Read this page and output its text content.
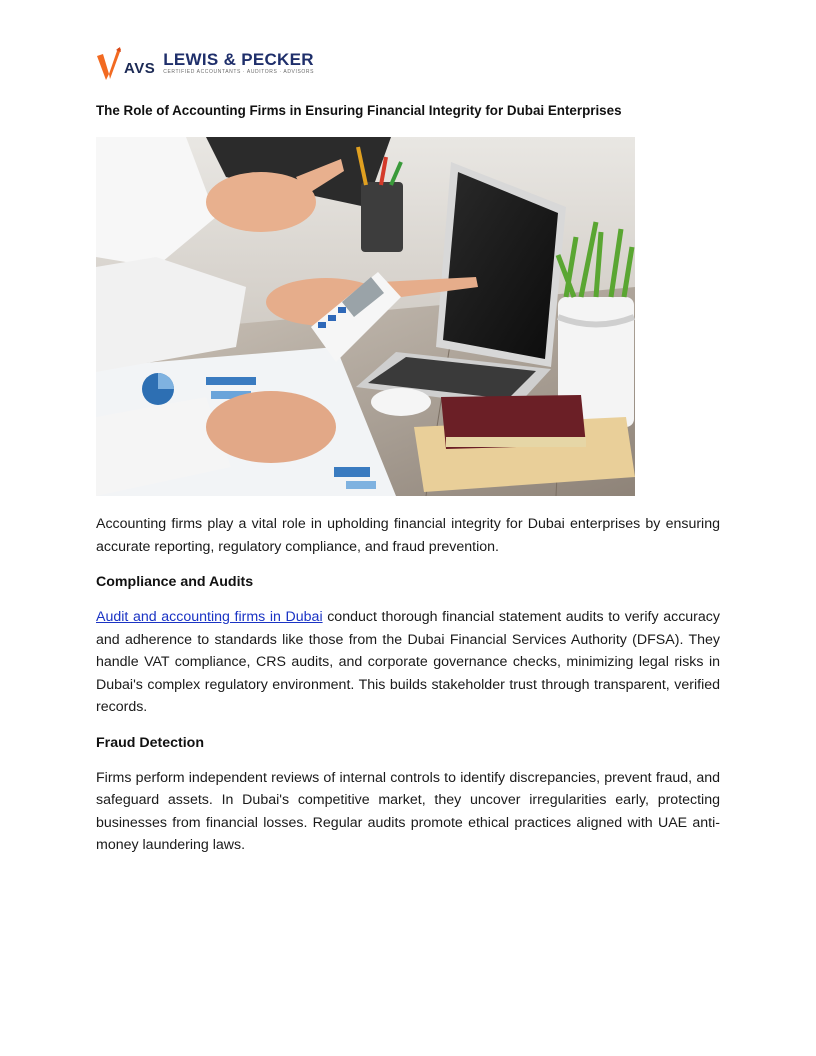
AVS LEWIS & PECKER
CERTIFIED ACCOUNTANTS · AUDITORS · ADVISORS
The Role of Accounting Firms in Ensuring Financial Integrity for Dubai Enterprises

Accounting firms play a vital role in upholding financial integrity for Dubai enterprises by ensuring accurate reporting, regulatory compliance, and fraud prevention.

Compliance and Audits

Audit and accounting firms in Dubai conduct thorough financial statement audits to verify accuracy and adherence to standards like those from the Dubai Financial Services Authority (DFSA). They handle VAT compliance, CRS audits, and corporate governance checks, minimizing legal risks in Dubai's complex regulatory environment. This builds stakeholder trust through transparent, verified records.

Fraud Detection

Firms perform independent reviews of internal controls to identify discrepancies, prevent fraud, and safeguard assets. In Dubai's competitive market, they uncover irregularities early, protecting businesses from financial losses. Regular audits promote ethical practices aligned with UAE anti-money laundering laws.
